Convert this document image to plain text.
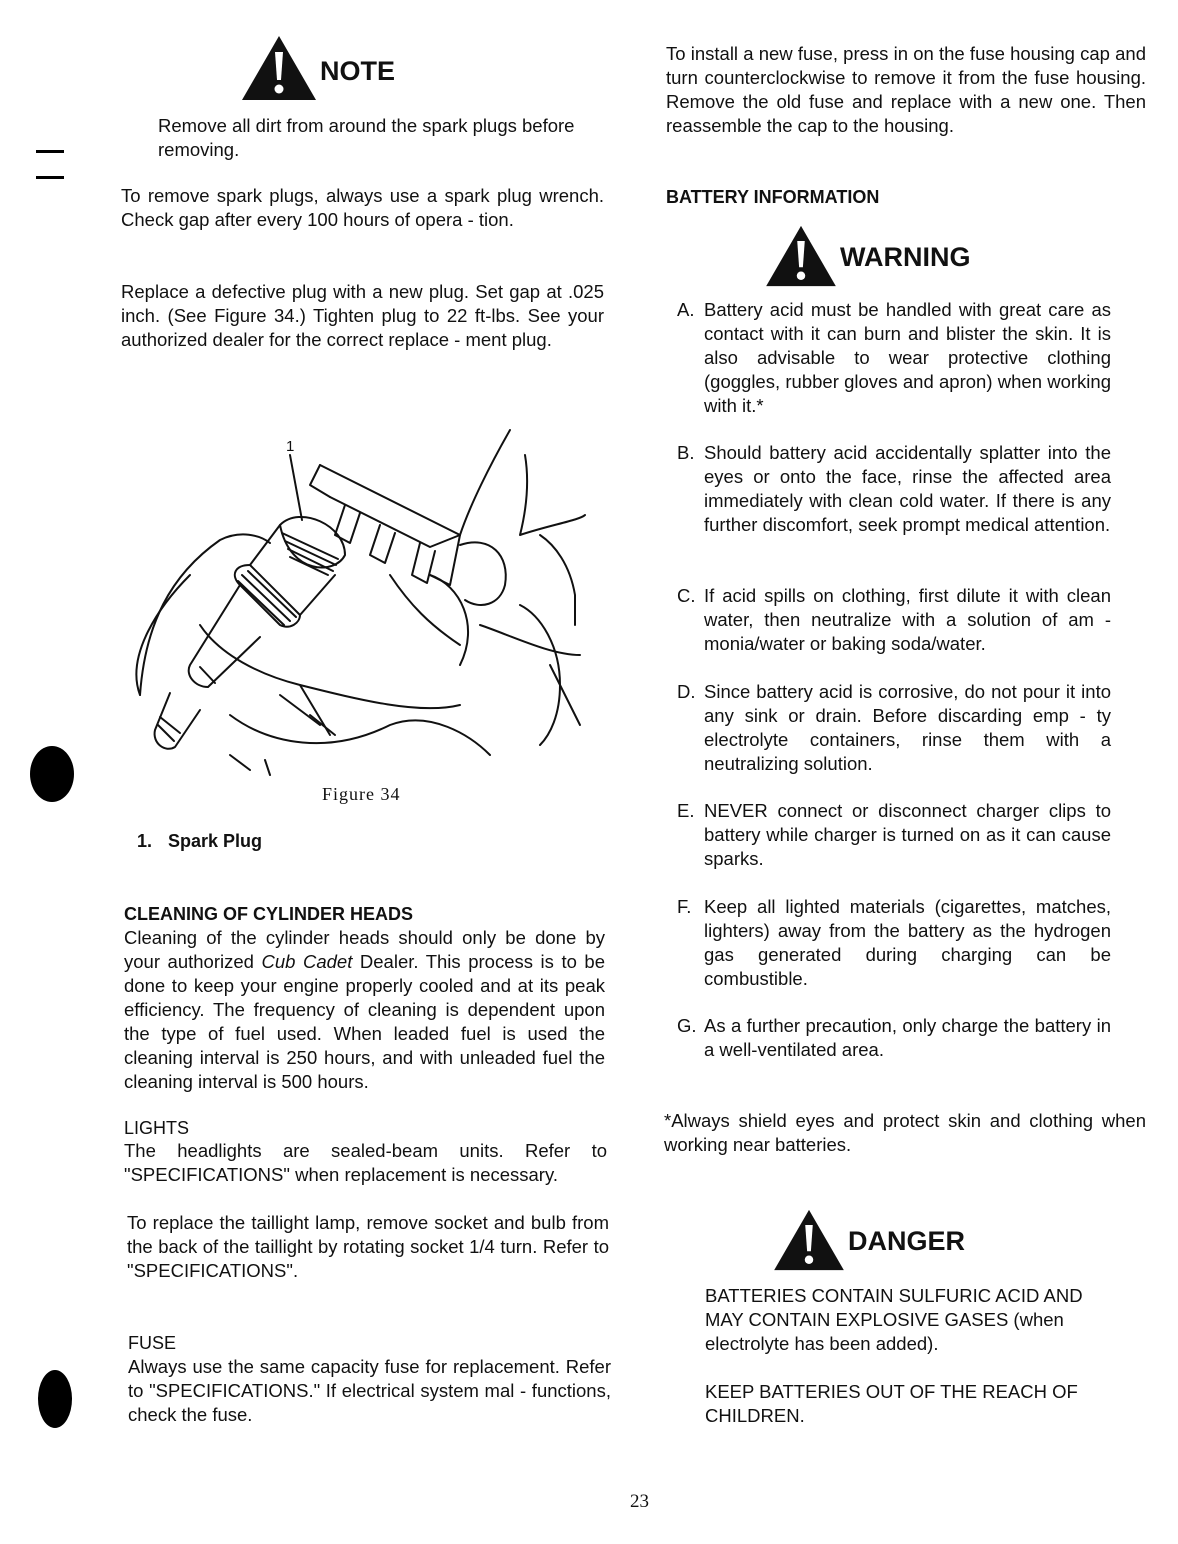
NOTE

Remove all dirt from around the spark plugs before removing.

To remove spark plugs, always use a spark plug wrench. Check gap after every 100 hours of opera - tion.

Replace a defective plug with a new plug. Set gap at .025 inch. (See Figure 34.) Tighten plug to 22 ft-lbs. See your authorized dealer for the correct replace - ment plug.

1

Figure 34

1. Spark Plug
CLEANING OF CYLINDER HEADS

Cleaning of the cylinder heads should only be done by your authorized Cub Cadet Dealer. This process is to be done to keep your engine properly cooled and at its peak efficiency. The frequency of cleaning is dependent upon the type of fuel used. When leaded fuel is used the cleaning interval is 250 hours, and with unleaded fuel the cleaning interval is 500 hours.

LIGHTS

The headlights are sealed-beam units. Refer to "SPECIFICATIONS" when replacement is necessary.

To replace the taillight lamp, remove socket and bulb from the back of the taillight by rotating socket 1/4 turn. Refer to "SPECIFICATIONS".

FUSE

Always use the same capacity fuse for replacement. Refer to "SPECIFICATIONS." If electrical system mal - functions, check the fuse.

To install a new fuse, press in on the fuse housing cap and turn counterclockwise to remove it from the fuse housing. Remove the old fuse and replace with a new one. Then reassemble the cap to the housing.

BATTERY INFORMATION
WARNING
A. Battery acid must be handled with great care as contact with it can burn and blister the skin. It is also advisable to wear protective clothing (goggles, rubber gloves and apron) when working with it.*
B. Should battery acid accidentally splatter into the eyes or onto the face, rinse the affected area immediately with clean cold water. If there is any further discomfort, seek prompt medical attention.
C. If acid spills on clothing, first dilute it with clean water, then neutralize with a solution of am - monia/water or baking soda/water.
D. Since battery acid is corrosive, do not pour it into any sink or drain. Before discarding emp - ty electrolyte containers, rinse them with a neutralizing solution.
E. NEVER connect or disconnect charger clips to battery while charger is turned on as it can cause sparks.
F. Keep all lighted materials (cigarettes, matches, lighters) away from the battery as the hydrogen gas generated during charging can be combustible.
G. As a further precaution, only charge the battery in a well-ventilated area.

*Always shield eyes and protect skin and clothing when working near batteries.

DANGER

BATTERIES CONTAIN SULFURIC ACID AND MAY CONTAIN EXPLOSIVE GASES (when electrolyte has been added).

KEEP BATTERIES OUT OF THE REACH OF CHILDREN.

23
